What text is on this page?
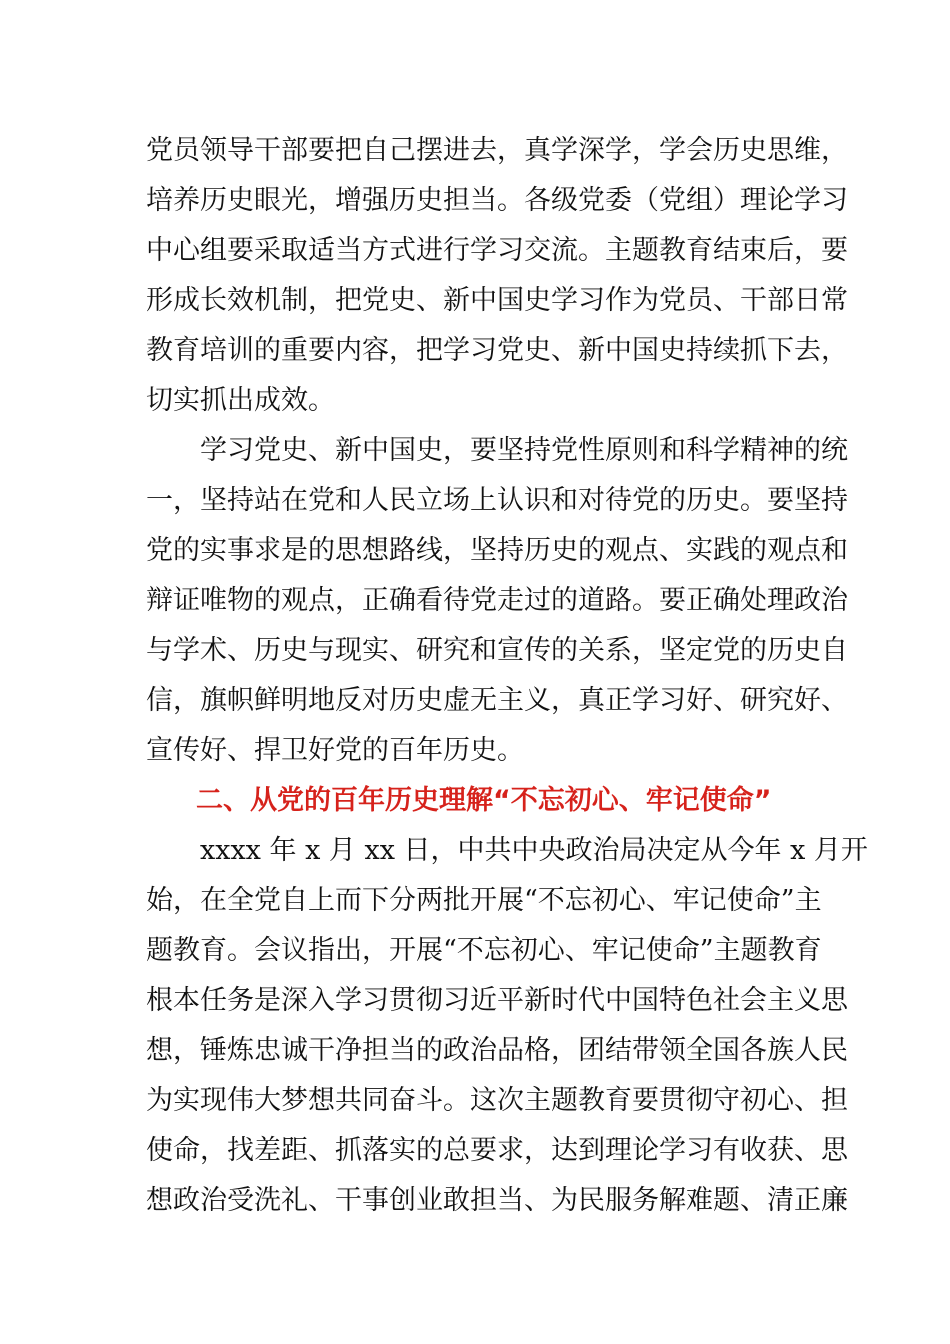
党员领导干部要把自己摆进去，真学深学，学会历史思维，
培养历史眼光，增强历史担当。各级党委（党组）理论学习
中心组要采取适当方式进行学习交流。主题教育结束后，要
形成长效机制，把党史、新中国史学习作为党员、干部日常
教育培训的重要内容，把学习党史、新中国史持续抓下去，
切实抓出成效。
学习党史、新中国史，要坚持党性原则和科学精神的统
一，坚持站在党和人民立场上认识和对待党的历史。要坚持
党的实事求是的思想路线，坚持历史的观点、实践的观点和
辩证唯物的观点，正确看待党走过的道路。要正确处理政治
与学术、历史与现实、研究和宣传的关系，坚定党的历史自
信，旗帜鲜明地反对历史虚无主义，真正学习好、研究好、
宣传好、捍卫好党的百年历史。
二、从党的百年历史理解“不忘初心、牢记使命”
xxxx 年 x 月 xx 日，中共中央政治局决定从今年 x 月开
始，在全党自上而下分两批开展“不忘初心、牢记使命”主
题教育。会议指出，开展“不忘初心、牢记使命”主题教育
根本任务是深入学习贯彻习近平新时代中国特色社会主义思
想，锤炼忠诚干净担当的政治品格，团结带领全国各族人民
为实现伟大梦想共同奋斗。这次主题教育要贯彻守初心、担
使命，找差距、抓落实的总要求，达到理论学习有收获、思
想政治受洗礼、干事创业敢担当、为民服务解难题、清正廉
